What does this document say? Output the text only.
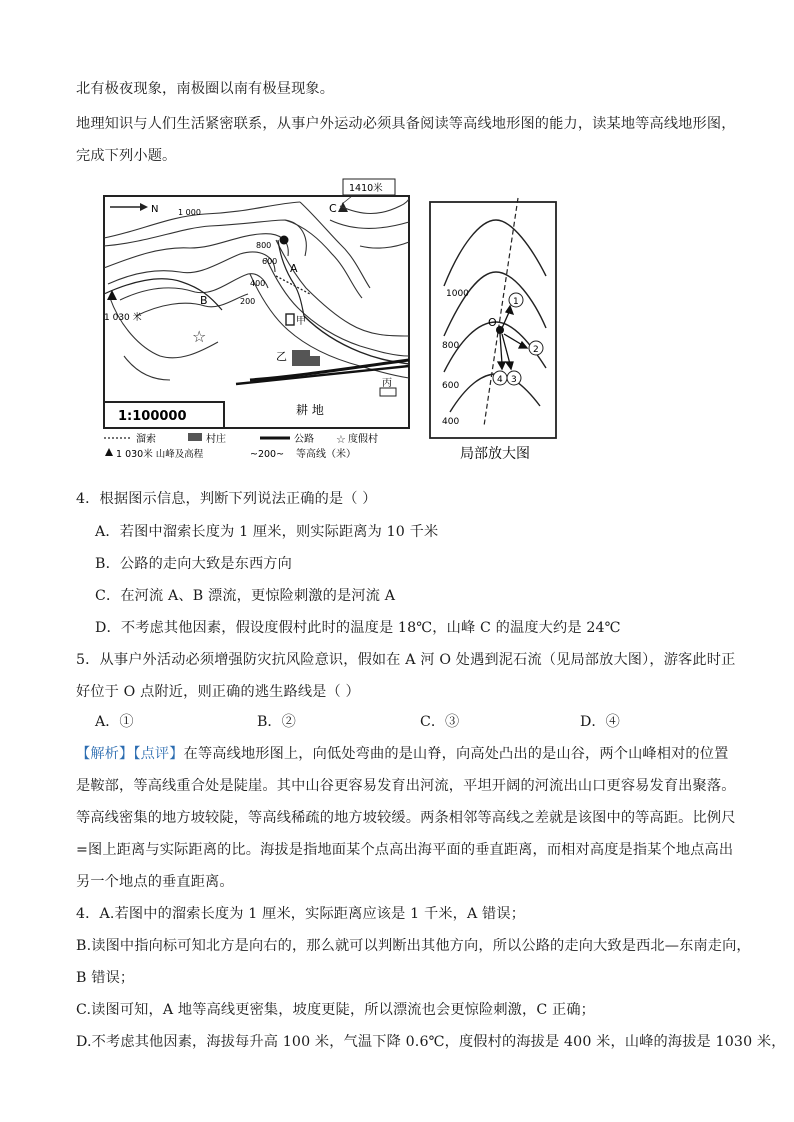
北有极夜现象，南极圈以南有极昼现象。
地理知识与人们生活紧密联系，从事户外运动必须具备阅读等高线地形图的能力，读某地等高线地形图，
完成下列小题。
N
1410米
C
1 000
800
600
400
200
A
B
1 030 米
☆
甲
乙
丙
耕 地
1:100000
溜索	村庄	公路 ☆ 度假村
1 030米 山峰及高程	~200~ 等高线（米）
1000
800
600
400
O
1
2
3
4
局部放大图
4．根据图示信息，判断下列说法正确的是（ ）
A．若图中溜索长度为 1 厘米，则实际距离为 10 千米
B．公路的走向大致是东西方向
C．在河流 A、B 漂流，更惊险刺激的是河流 A
D．不考虑其他因素，假设度假村此时的温度是 18℃，山峰 C 的温度大约是 24℃
5．从事户外活动必须增强防灾抗风险意识，假如在 A 河 O 处遇到泥石流（见局部放大图），游客此时正
好位于 O 点附近，则正确的逃生路线是（ ）
A．①	B．②	C．③	D．④
【解析】【点评】在等高线地形图上，向低处弯曲的是山脊，向高处凸出的是山谷，两个山峰相对的位置
是鞍部，等高线重合处是陡崖。其中山谷更容易发育出河流，平坦开阔的河流出山口更容易发育出聚落。
等高线密集的地方坡较陡，等高线稀疏的地方坡较缓。两条相邻等高线之差就是该图中的等高距。比例尺
=图上距离与实际距离的比。海拔是指地面某个点高出海平面的垂直距离，而相对高度是指某个地点高出
另一个地点的垂直距离。
4．A.若图中的溜索长度为 1 厘米，实际距离应该是 1 千米，A 错误；
B.读图中指向标可知北方是向右的，那么就可以判断出其他方向，所以公路的走向大致是西北—东南走向，
B 错误；
C.读图可知，A 地等高线更密集，坡度更陡，所以漂流也会更惊险刺激，C 正确；
D.不考虑其他因素，海拔每升高 100 米，气温下降 0.6℃，度假村的海拔是 400 米，山峰的海拔是 1030 米，
